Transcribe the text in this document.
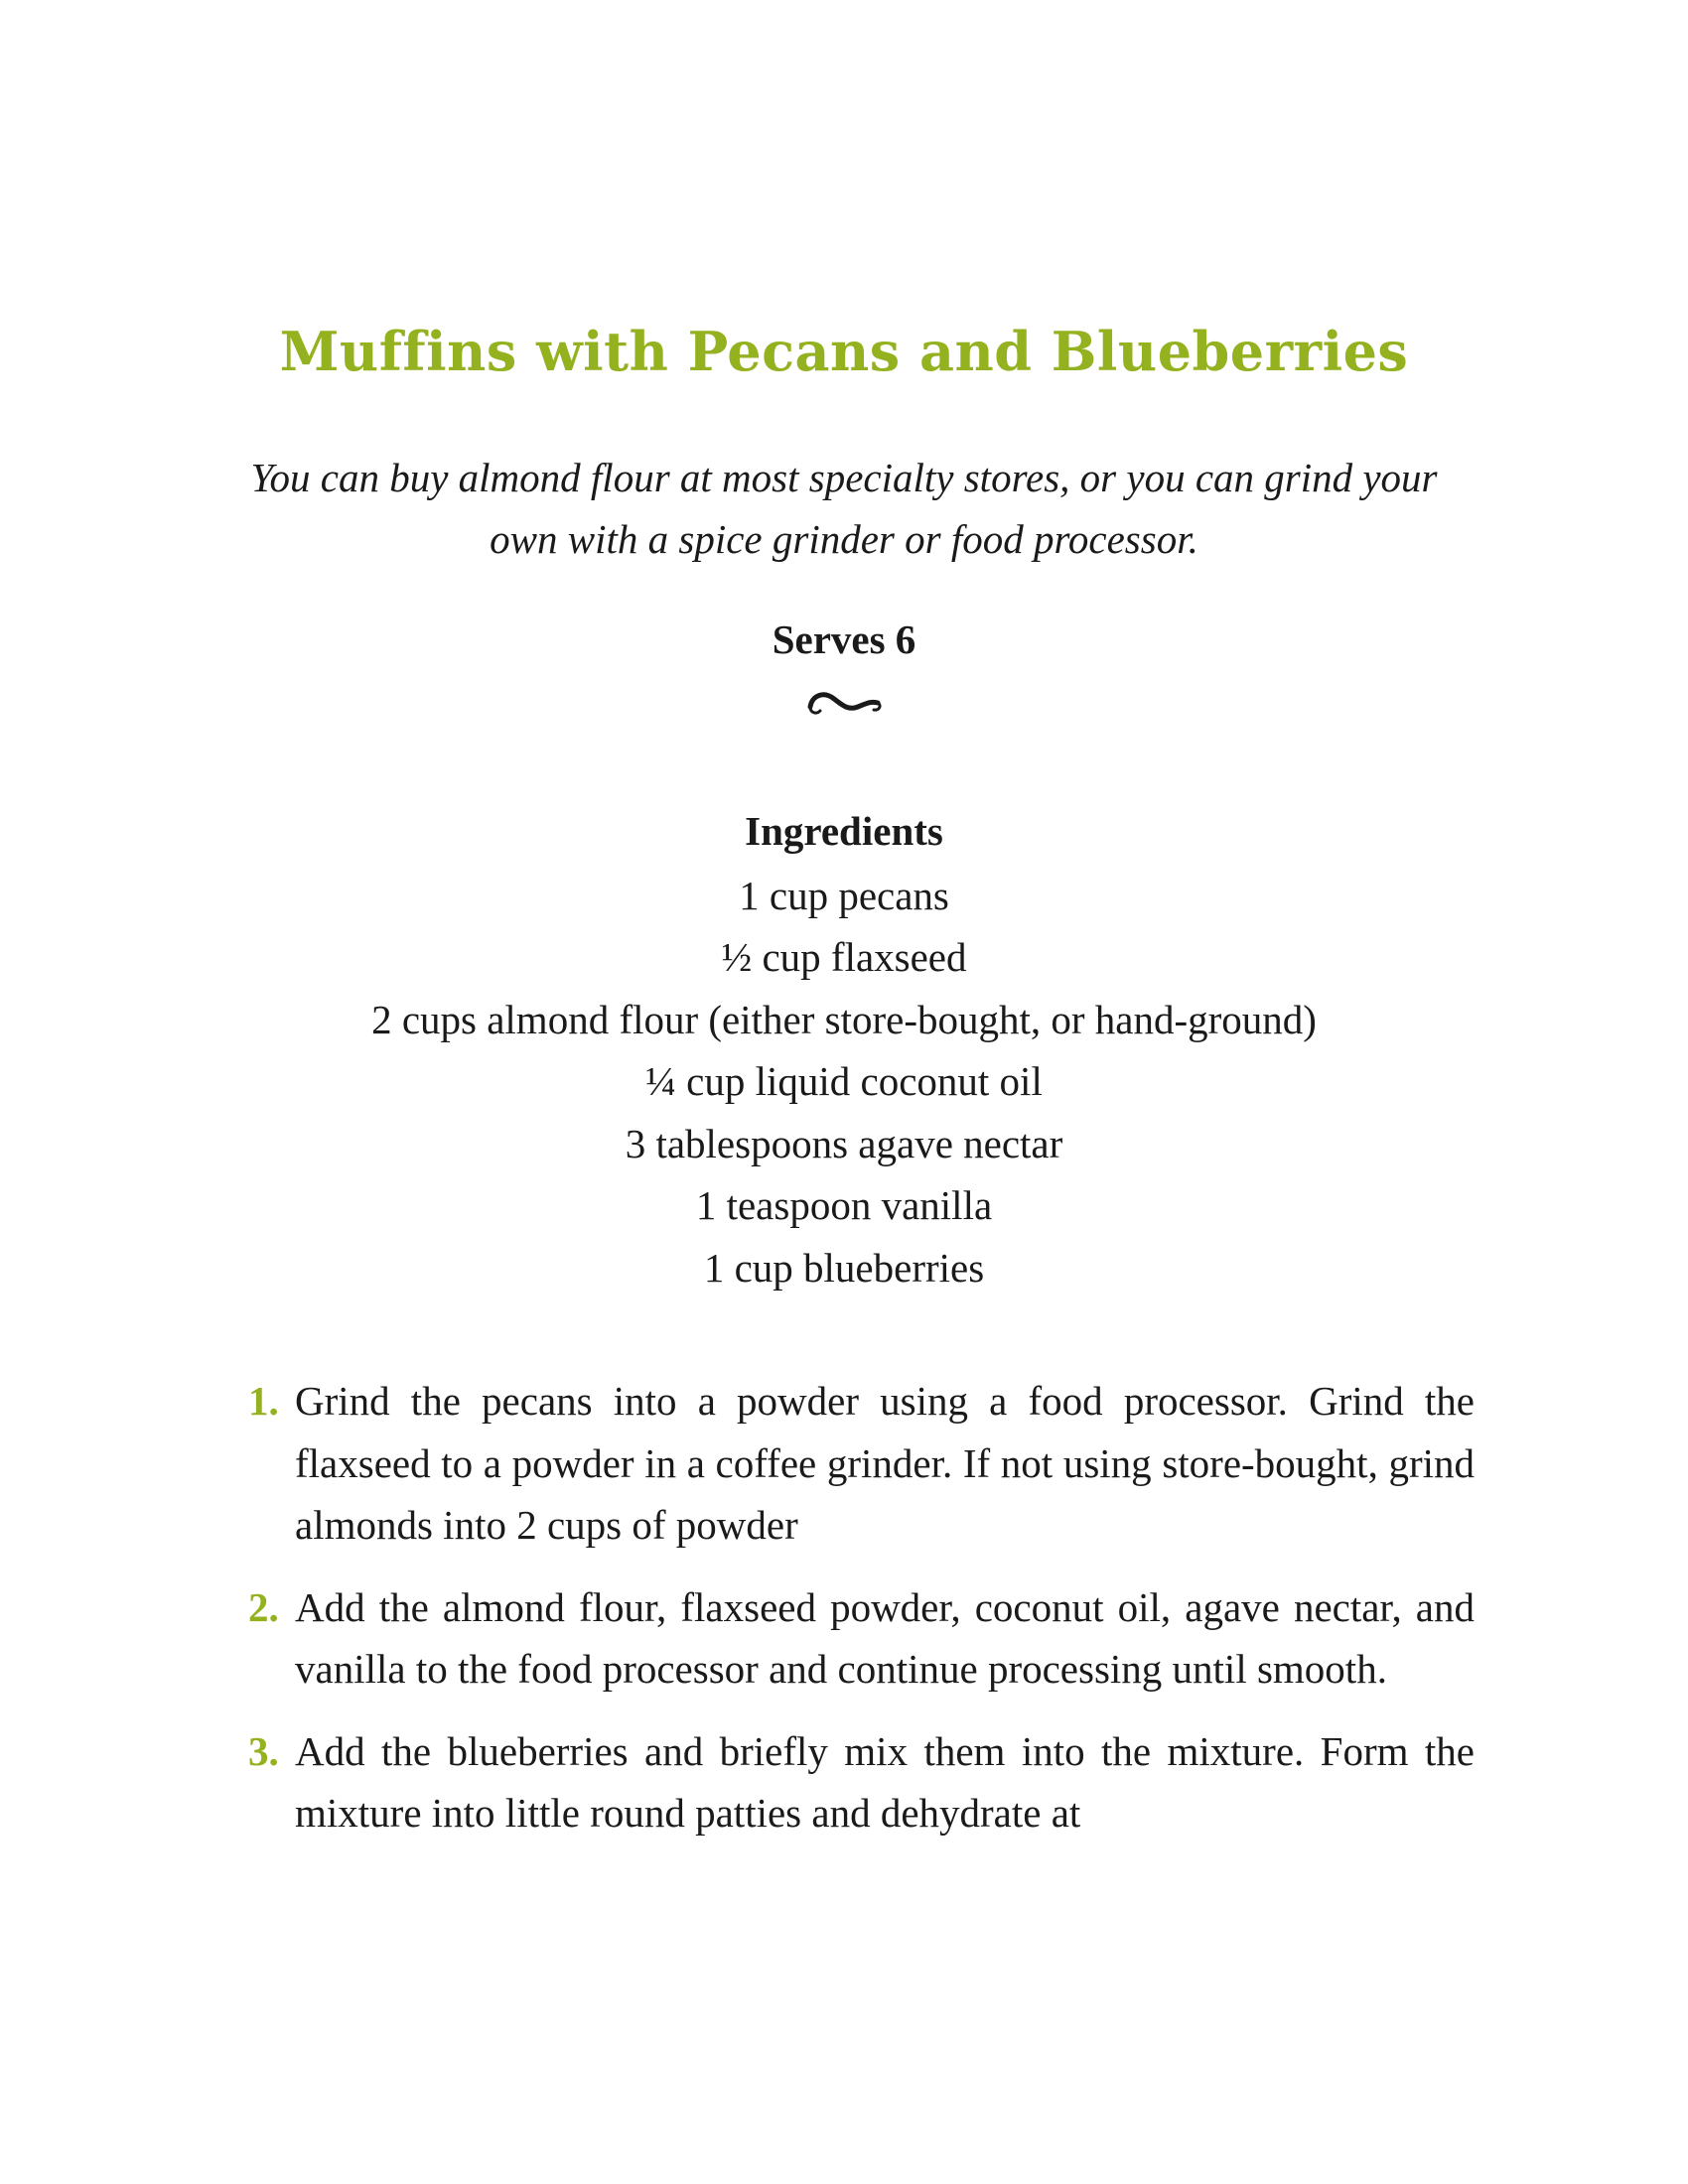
Muffins with Pecans and Blueberries
You can buy almond flour at most specialty stores, or you can grind your own with a spice grinder or food processor.
Serves 6
Ingredients
1 cup pecans
½ cup flaxseed
2 cups almond flour (either store-bought, or hand-ground)
¼ cup liquid coconut oil
3 tablespoons agave nectar
1 teaspoon vanilla
1 cup blueberries
1. Grind the pecans into a powder using a food processor. Grind the flaxseed to a powder in a coffee grinder. If not using store-bought, grind almonds into 2 cups of powder
2. Add the almond flour, flaxseed powder, coconut oil, agave nectar, and vanilla to the food processor and continue processing until smooth.
3. Add the blueberries and briefly mix them into the mixture. Form the mixture into little round patties and dehydrate at
